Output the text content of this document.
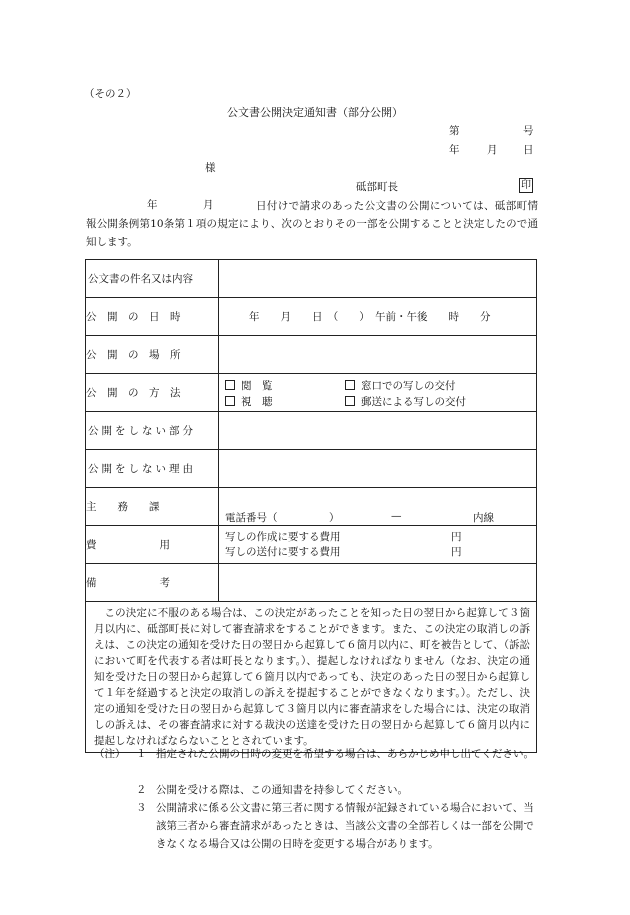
（その２）
公文書公開決定通知書（部分公開）
第	号
年	月 日
様
砥部町長	印
年	月	日付けで請求のあった公文書の公開については、砥部町情報公開条例第10条第１項の規定により、次のとおりその一部を公開することと決定したので通知します。
公文書の件名又は内容	

公　開　の　日　時	年　　月　　日　（　　）　午前・午後　　時　　分

公　開　の　場　所	

公　開　の　方　法	閲　覧 窓口での写しの交付
視　聴 郵送による写しの交付

公開をしない部分	

公開をしない理由	

主　　務　　課	電話番号（ ） — 内線

費　　　　　　用	写しの作成に要する費用 円
写しの送付に要する費用 円

備　　　　　　考	

この決定に不服のある場合は、この決定があったことを知った日の翌日から起算して３箇月以内に、砥部町長に対して審査請求をすることができます。また、この決定の取消しの訴えは、この決定の通知を受けた日の翌日から起算して６箇月以内に、町を被告として、（訴訟において町を代表する者は町長となります。）、提起しなければなりません（なお、決定の通知を受けた日の翌日から起算して６箇月以内であっても、決定のあった日の翌日から起算して１年を経過すると決定の取消しの訴えを提起することができなくなります。）。ただし、決定の通知を受けた日の翌日から起算して３箇月以内に審査請求をした場合には、決定の取消しの訴えは、その審査請求に対する裁決の送達を受けた日の翌日から起算して６箇月以内に提起しなければならないこととされています。	
（注） １ 指定された公開の日時の変更を希望する場合は、あらかじめ申し出てください。
２ 公開を受ける際は、この通知書を持参してください。
３ 公開請求に係る公文書に第三者に関する情報が記録されている場合において、当該第三者から審査請求があったときは、当該公文書の全部若しくは一部を公開できなくなる場合又は公開の日時を変更する場合があります。
